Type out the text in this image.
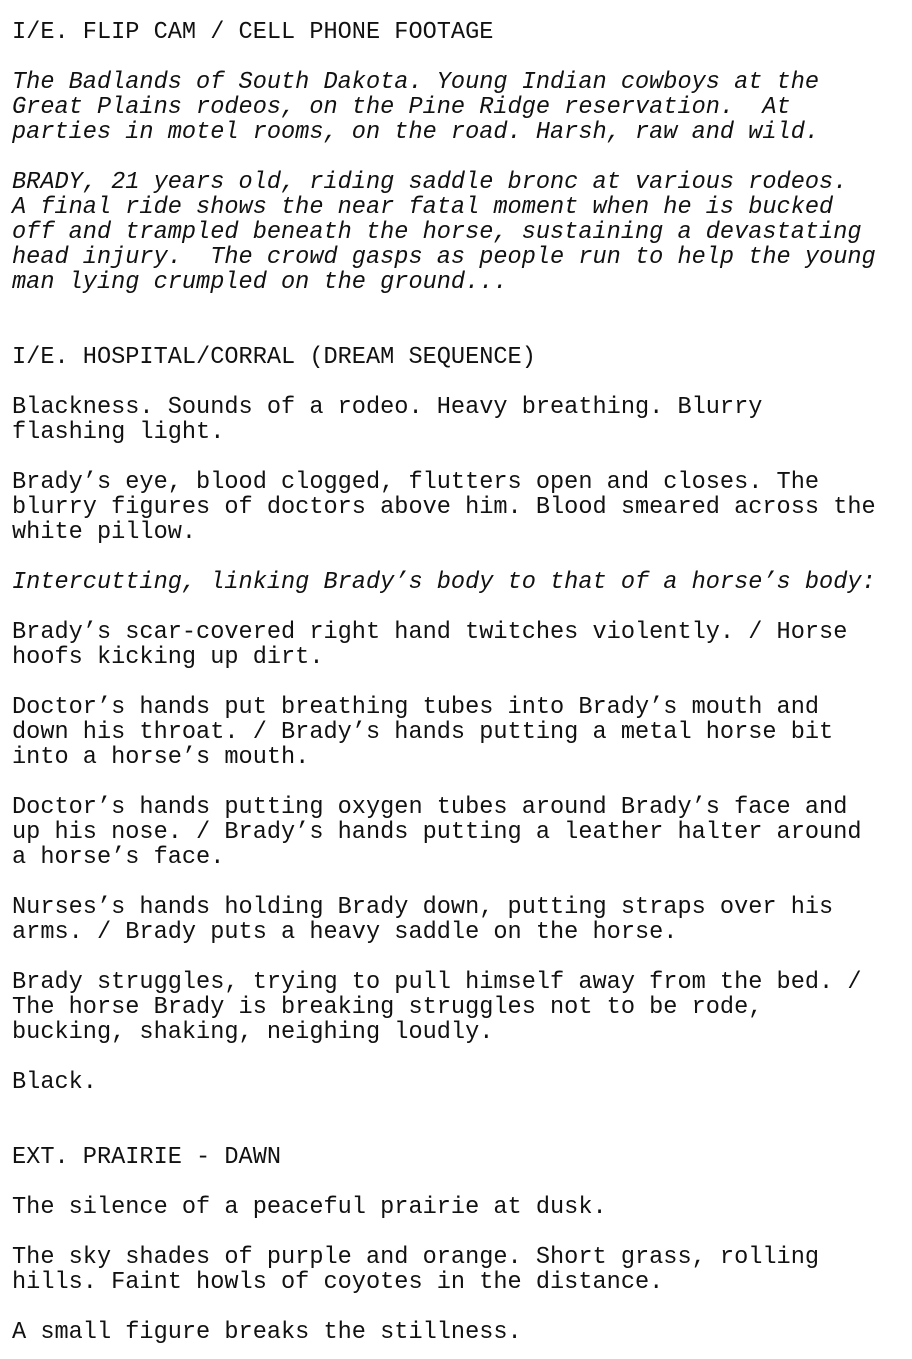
I/E. FLIP CAM / CELL PHONE FOOTAGE
The Badlands of South Dakota. Young Indian cowboys at the
Great Plains rodeos, on the Pine Ridge reservation.  At
parties in motel rooms, on the road. Harsh, raw and wild.
BRADY, 21 years old, riding saddle bronc at various rodeos.
A final ride shows the near fatal moment when he is bucked
off and trampled beneath the horse, sustaining a devastating
head injury.  The crowd gasps as people run to help the young
man lying crumpled on the ground...
I/E. HOSPITAL/CORRAL (DREAM SEQUENCE)
Blackness. Sounds of a rodeo. Heavy breathing. Blurry
flashing light.
Brady’s eye, blood clogged, flutters open and closes. The
blurry figures of doctors above him. Blood smeared across the
white pillow.
Intercutting, linking Brady’s body to that of a horse’s body:
Brady’s scar-covered right hand twitches violently. / Horse
hoofs kicking up dirt.
Doctor’s hands put breathing tubes into Brady’s mouth and
down his throat. / Brady’s hands putting a metal horse bit
into a horse’s mouth.
Doctor’s hands putting oxygen tubes around Brady’s face and
up his nose. / Brady’s hands putting a leather halter around
a horse’s face.
Nurses’s hands holding Brady down, putting straps over his
arms. / Brady puts a heavy saddle on the horse.
Brady struggles, trying to pull himself away from the bed. /
The horse Brady is breaking struggles not to be rode,
bucking, shaking, neighing loudly.
Black.
EXT. PRAIRIE - DAWN
The silence of a peaceful prairie at dusk.
The sky shades of purple and orange. Short grass, rolling
hills. Faint howls of coyotes in the distance.
A small figure breaks the stillness.
